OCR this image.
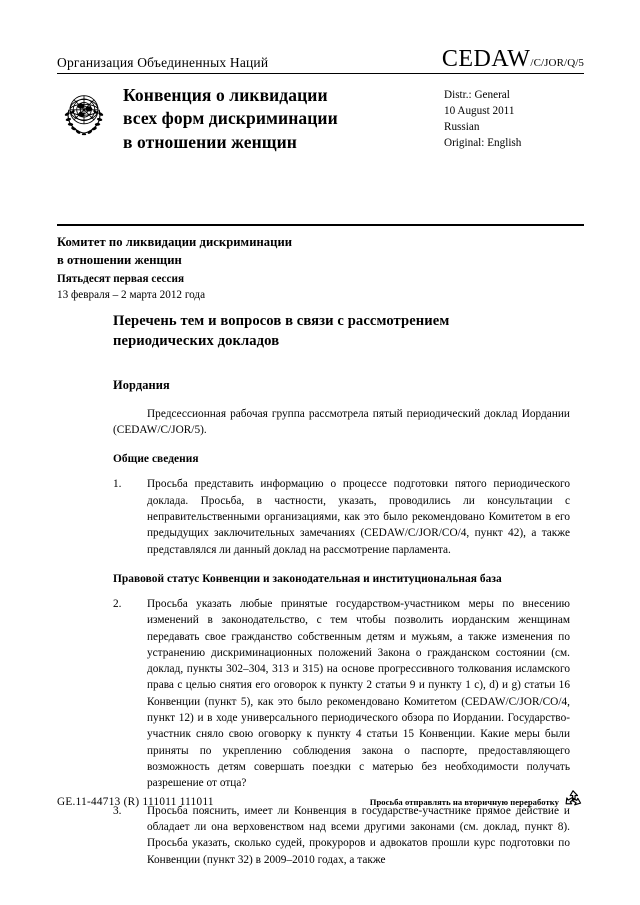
Организация Объединенных Наций	CEDAW /C/JOR/Q/5
Конвенция о ликвидации
всех форм дискриминации
в отношении женщин
Distr.: General
10 August 2011
Russian
Original: English
Комитет по ликвидации дискриминации
в отношении женщин
Пятьдесят первая сессия
13 февраля – 2 марта 2012 года
Перечень тем и вопросов в связи с рассмотрением
периодических докладов
Иордания

Предсессионная рабочая группа рассмотрела пятый периодический доклад Иордании (CEDAW/C/JOR/5).

Общие сведения
1.	Просьба представить информацию о процессе подготовки пятого периодического доклада. Просьба, в частности, указать, проводились ли консультации с неправительственными организациями, как это было рекомендовано Комитетом в его предыдущих заключительных замечаниях (CEDAW/C/JOR/CO/4, пункт 42), а также представлялся ли данный доклад на рассмотрение парламента.
Правовой статус Конвенции и законодательная и институциональная база
2.	Просьба указать любые принятые государством-участником меры по внесению изменений в законодательство, с тем чтобы позволить иорданским женщинам передавать свое гражданство собственным детям и мужьям, а также изменения по устранению дискриминационных положений Закона о гражданском состоянии (см. доклад, пункты 302–304, 313 и 315) на основе прогрессивного толкования исламского права с целью снятия его оговорок к пункту 2 статьи 9 и пункту 1 c), d) и g) статьи 16 Конвенции (пункт 5), как это было рекомендовано Комитетом (CEDAW/C/JOR/CO/4, пункт 12) и в ходе универсального периодического обзора по Иордании. Государство-участник сняло свою оговорку к пункту 4 статьи 15 Конвенции. Какие меры были приняты по укреплению соблюдения закона о паспорте, предоставляющего возможность детям совершать поездки с матерью без необходимости получать разрешение от отца?
3.	Просьба пояснить, имеет ли Конвенция в государстве-участнике прямое действие и обладает ли она верховенством над всеми другими законами (см. доклад, пункт 8). Просьба указать, сколько судей, прокуроров и адвокатов прошли курс подготовки по Конвенции (пункт 32) в 2009–2010 годах, а также
GE.11-44713 (R) 111011 111011	Просьба отправлять на вторичную переработку
